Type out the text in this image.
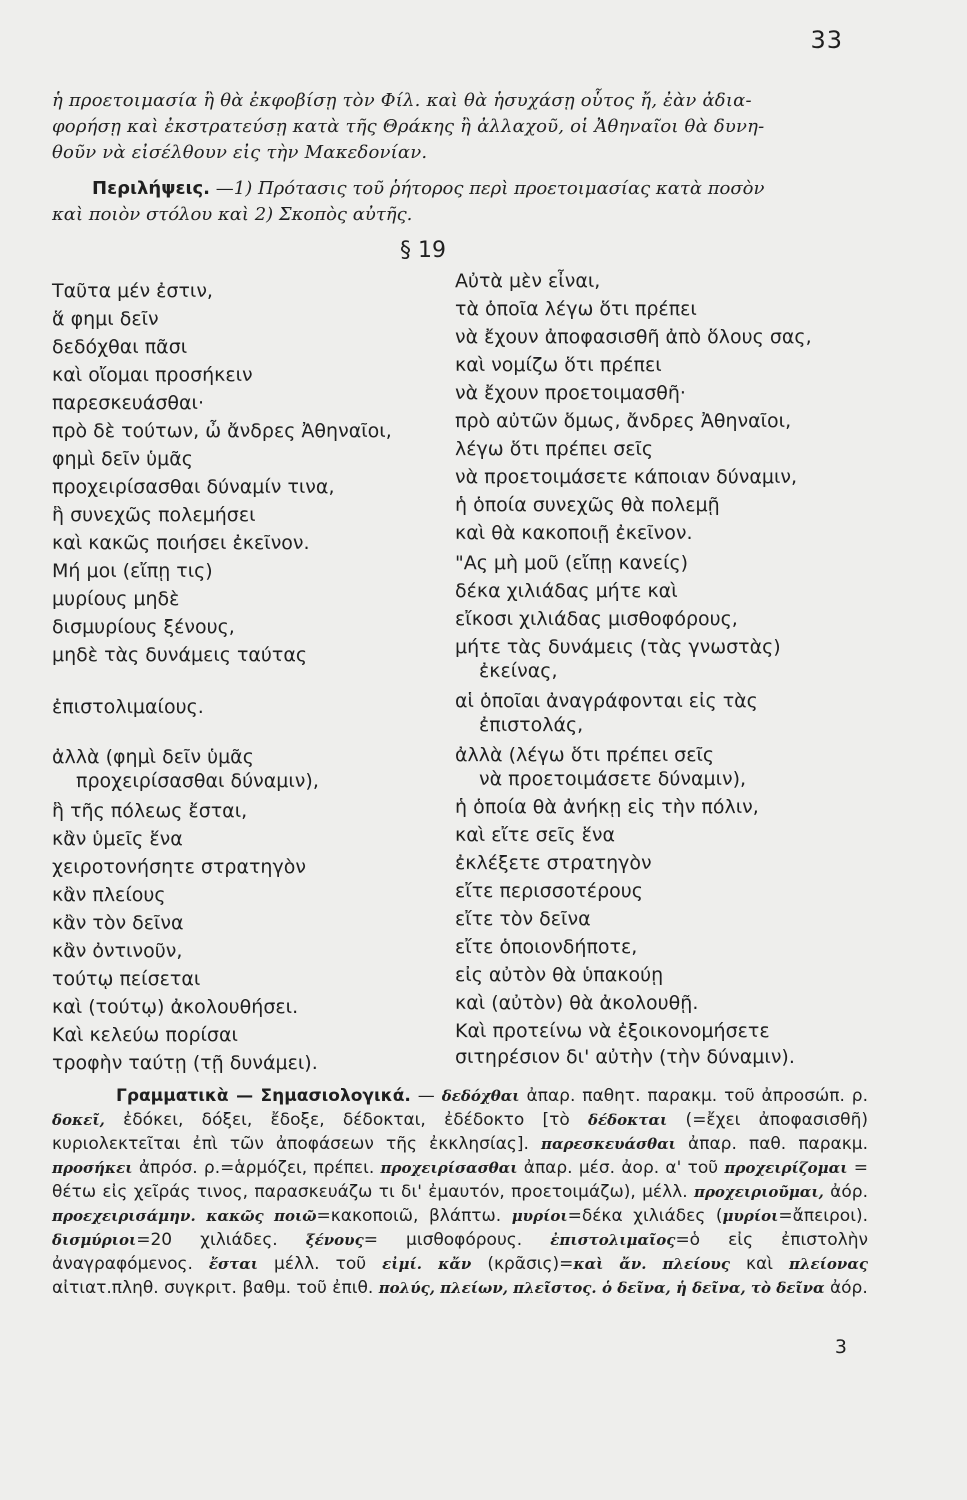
33

ἡ προετοιμασία ἢ θὰ ἐκφοβίσῃ τὸν Φίλ. καὶ θὰ ἡσυχάσῃ οὗτος ἤ, ἐὰν ἀδια-

φορήσῃ καὶ ἐκστρατεύσῃ κατὰ τῆς Θράκης ἢ ἀλλαχοῦ, οἱ Ἀθηναῖοι θὰ δυνη-

θοῦν νὰ εἰσέλθουν εἰς τὴν Μακεδονίαν.

Περιλήψεις. —1) Πρότασις τοῦ ῥήτορος περὶ προετοιμασίας κατὰ ποσὸν
καὶ ποιὸν στόλου καὶ 2) Σκοπὸς αὐτῆς.
§ 19
Ταῦτα μέν ἐστιν,
ἅ φημι δεῖν
δεδόχθαι πᾶσι
καὶ οἴομαι προσήκειν
παρεσκευάσθαι·
πρὸ δὲ τούτων, ὦ ἄνδρες Ἀθηναῖοι,
φημὶ δεῖν ὑμᾶς
προχειρίσασθαι δύναμίν τινα,
ἣ συνεχῶς πολεμήσει
καὶ κακῶς ποιήσει ἐκεῖνον.
Μή μοι (εἴπῃ τις)
μυρίους μηδὲ
δισμυρίους ξένους,
μηδὲ τὰς δυνάμεις ταύτας
ἐπιστολιμαίους.
ἀλλὰ (φημὶ δεῖν ὑμᾶς
προχειρίσασθαι δύναμιν),
ἣ τῆς πόλεως ἔσται,
κἂν ὑμεῖς ἕνα
χειροτονήσητε στρατηγὸν
κἂν πλείους
κἂν τὸν δεῖνα
κἂν ὀντινοῦν,
τούτῳ πείσεται
καὶ (τούτῳ) ἀκολουθήσει.
Καὶ κελεύω πορίσαι
τροφὴν ταύτῃ (τῇ δυνάμει).
Αὐτὰ μὲν εἶναι,
τὰ ὁποῖα λέγω ὅτι πρέπει
νὰ ἔχουν ἀποφασισθῆ ἀπὸ ὅλους σας,
καὶ νομίζω ὅτι πρέπει
νὰ ἔχουν προετοιμασθῆ·
πρὸ αὐτῶν ὅμως, ἄνδρες Ἀθηναῖοι,
λέγω ὅτι πρέπει σεῖς
νὰ προετοιμάσετε κάποιαν δύναμιν,
ἡ ὁποία συνεχῶς θὰ πολεμῇ
καὶ θὰ κακοποιῇ ἐκεῖνον.
"Ας μὴ μοῦ (εἴπῃ κανείς)
δέκα χιλιάδας μήτε καὶ
εἴκοσι χιλιάδας μισθοφόρους,
μήτε τὰς δυνάμεις (τὰς γνωστὰς)
ἐκείνας,
αἱ ὁποῖαι ἀναγράφονται εἰς τὰς
ἐπιστολάς,
ἀλλὰ (λέγω ὅτι πρέπει σεῖς
νὰ προετοιμάσετε δύναμιν),
ἡ ὁποία θὰ ἀνήκῃ εἰς τὴν πόλιν,
καὶ εἴτε σεῖς ἕνα
ἐκλέξετε στρατηγὸν
εἴτε περισσοτέρους
εἴτε τὸν δεῖνα
εἴτε ὁποιονδήποτε,
εἰς αὐτὸν θὰ ὑπακούῃ
καὶ (αὐτὸν) θὰ ἀκολουθῇ.
Καὶ προτείνω νὰ ἐξοικονομήσετε
σιτηρέσιον δι' αὐτὴν (τὴν δύναμιν).

Γραμματικὰ — Σημασιολογικά. — δεδόχθαι ἀπαρ. παθητ. παρακμ. τοῦ ἀπροσώπ. ρ. δοκεῖ, ἐδόκει, δόξει, ἔδοξε, δέδοκται, ἐδέδοκτο [τὸ δέδοκται (=ἔχει ἀποφασισθῆ) κυριολεκτεῖται ἐπὶ τῶν ἀποφάσεων τῆς ἐκκλησίας]. παρεσκευάσθαι ἀπαρ. παθ. παρακμ. προσήκει ἀπρόσ. ρ.=ἁρμόζει, πρέπει. προχειρίσασθαι ἀπαρ. μέσ. ἀορ. α' τοῦ προχειρίζομαι = θέτω εἰς χεῖράς τινος, παρασκευάζω τι δι' ἐμαυτόν, προετοιμάζω), μέλλ. προχειριοῦμαι, ἀόρ. προεχειρισάμην. κακῶς ποιῶ=κακοποιῶ, βλάπτω. μυρίοι=δέκα χιλιάδες (μυρίοι=ἄπειροι). δισμύριοι=20 χιλιάδες. ξένους= μισθοφόρους. ἐπιστολιμαῖος=ὁ εἰς ἐπιστολὴν ἀναγραφόμενος. ἔσται μέλλ. τοῦ εἰμί. κἄν (κρᾶσις)=καὶ ἄν. πλείους καὶ πλείονας αἰτιατ.πληθ. συγκριτ. βαθμ. τοῦ ἐπιθ. πολύς, πλείων, πλεῖστος. ὁ δεῖνα, ἡ δεῖνα, τὸ δεῖνα ἀόρ.

3
